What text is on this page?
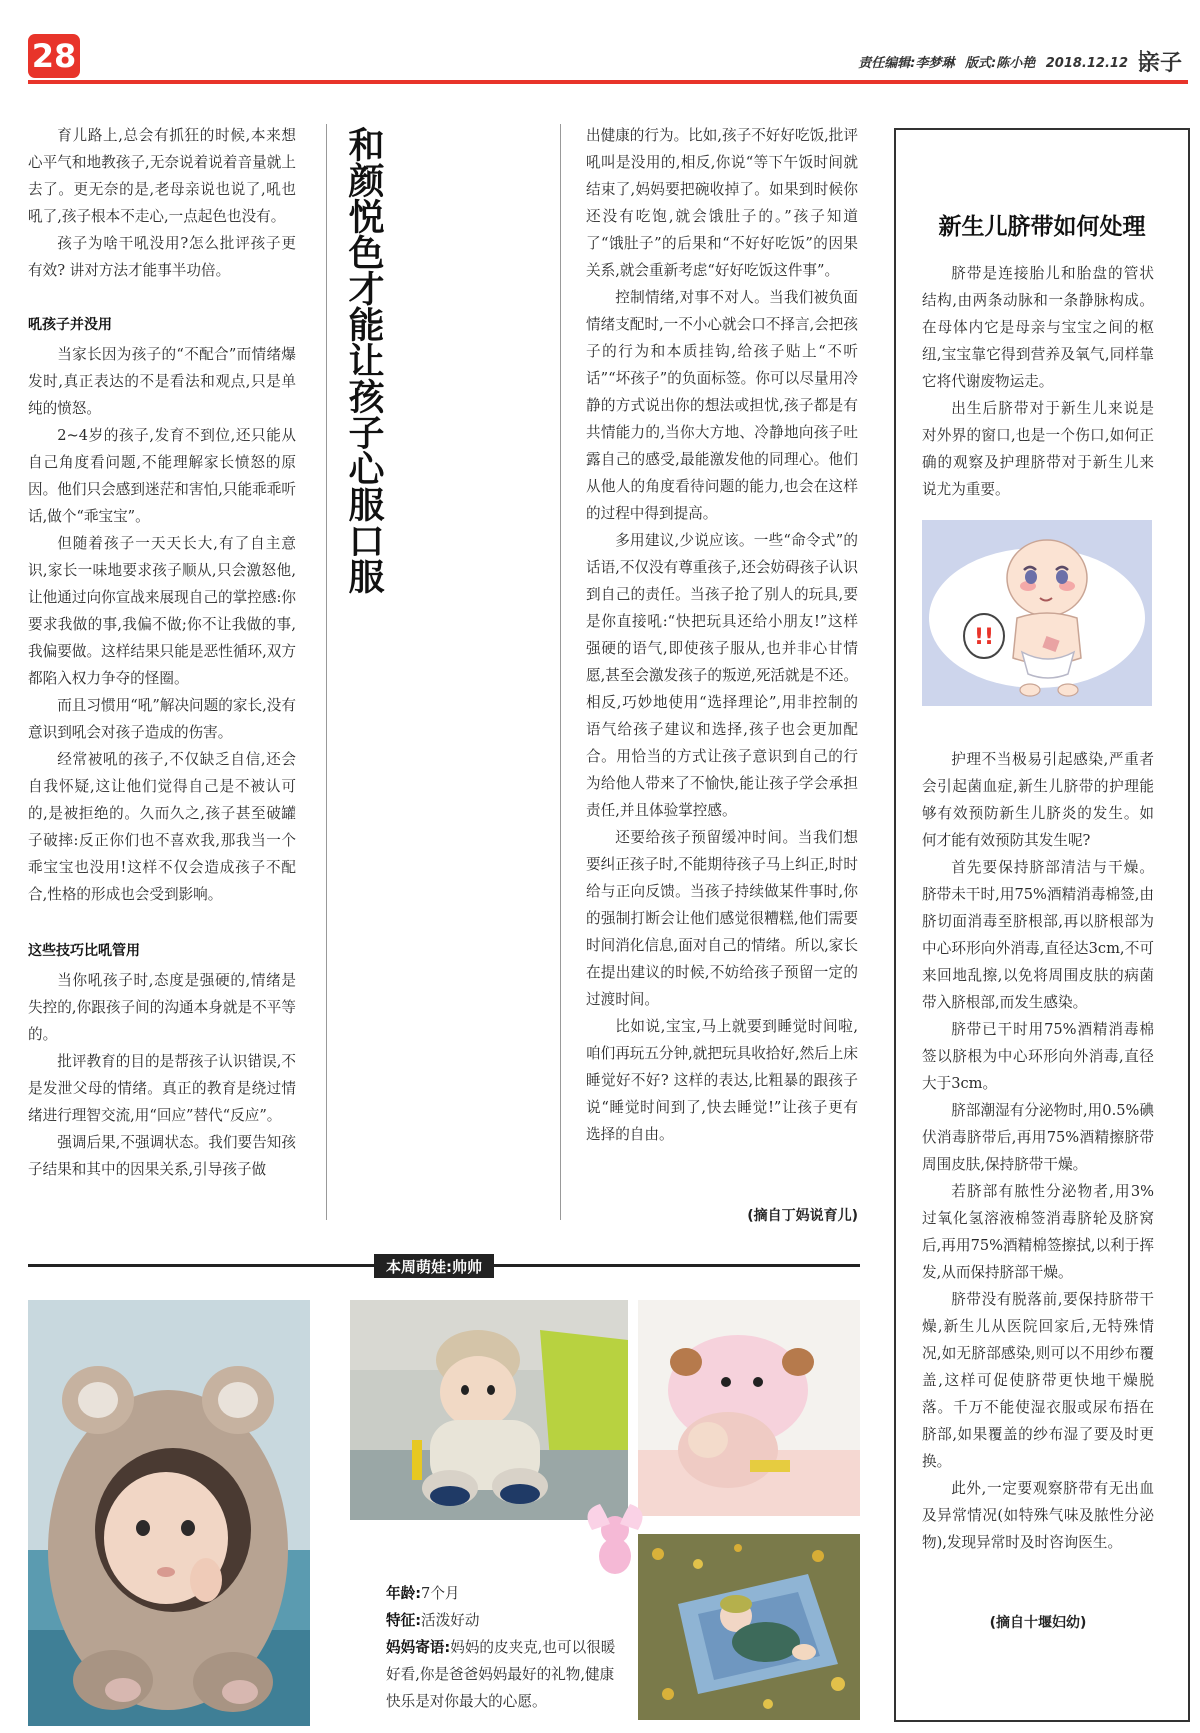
28	责任编辑:李梦琳 版式:陈小艳 2018.12.12 亲子

育儿路上,总会有抓狂的时候,本来想心平气和地教孩子,无奈说着说着音量就上去了。更无奈的是,老母亲说也说了,吼也吼了,孩子根本不走心,一点起色也没有。

孩子为啥干吼没用?怎么批评孩子更有效? 讲对方法才能事半功倍。

吼孩子并没用

当家长因为孩子的“不配合”而情绪爆发时,真正表达的不是看法和观点,只是单纯的愤怒。

2~4岁的孩子,发育不到位,还只能从自己角度看问题,不能理解家长愤怒的原因。他们只会感到迷茫和害怕,只能乖乖听话,做个“乖宝宝”。

但随着孩子一天天长大,有了自主意识,家长一味地要求孩子顺从,只会激怒他,让他通过向你宣战来展现自己的掌控感:你要求我做的事,我偏不做;你不让我做的事,我偏要做。这样结果只能是恶性循环,双方都陷入权力争夺的怪圈。

而且习惯用“吼”解决问题的家长,没有意识到吼会对孩子造成的伤害。

经常被吼的孩子,不仅缺乏自信,还会自我怀疑,这让他们觉得自己是不被认可的,是被拒绝的。久而久之,孩子甚至破罐子破摔:反正你们也不喜欢我,那我当一个乖宝宝也没用!这样不仅会造成孩子不配合,性格的形成也会受到影响。

这些技巧比吼管用

当你吼孩子时,态度是强硬的,情绪是失控的,你跟孩子间的沟通本身就是不平等的。

批评教育的目的是帮孩子认识错误,不是发泄父母的情绪。真正的教育是绕过情绪进行理智交流,用“回应”替代“反应”。

强调后果,不强调状态。我们要告知孩子结果和其中的因果关系,引导孩子做

和颜悦色才能让孩子心服口服	出健康的行为。比如,孩子不好好吃饭,批评吼叫是没用的,相反,你说“等下午饭时间就结束了,妈妈要把碗收掉了。如果到时候你还没有吃饱,就会饿肚子的。”孩子知道了“饿肚子”的后果和“不好好吃饭”的因果关系,就会重新考虑“好好吃饭这件事”。

控制情绪,对事不对人。当我们被负面情绪支配时,一不小心就会口不择言,会把孩子的行为和本质挂钩,给孩子贴上“不听话”“坏孩子”的负面标签。你可以尽量用冷静的方式说出你的想法或担忧,孩子都是有共情能力的,当你大方地、冷静地向孩子吐露自己的感受,最能激发他的同理心。他们从他人的角度看待问题的能力,也会在这样的过程中得到提高。

多用建议,少说应该。一些“命令式”的话语,不仅没有尊重孩子,还会妨碍孩子认识到自己的责任。当孩子抢了别人的玩具,要是你直接吼:“快把玩具还给小朋友!”这样强硬的语气,即使孩子服从,也并非心甘情愿,甚至会激发孩子的叛逆,死活就是不还。相反,巧妙地使用“选择理论”,用非控制的语气给孩子建议和选择,孩子也会更加配合。用恰当的方式让孩子意识到自己的行为给他人带来了不愉快,能让孩子学会承担责任,并且体验掌控感。

还要给孩子预留缓冲时间。当我们想要纠正孩子时,不能期待孩子马上纠正,时时给与正向反馈。当孩子持续做某件事时,你的强制打断会让他们感觉很糟糕,他们需要时间消化信息,面对自己的情绪。所以,家长在提出建议的时候,不妨给孩子预留一定的过渡时间。

比如说,宝宝,马上就要到睡觉时间啦,咱们再玩五分钟,就把玩具收拾好,然后上床睡觉好不好? 这样的表达,比粗暴的跟孩子说“睡觉时间到了,快去睡觉!”让孩子更有选择的自由。

(摘自丁妈说育儿)
新生儿脐带如何处理

脐带是连接胎儿和胎盘的管状结构,由两条动脉和一条静脉构成。在母体内它是母亲与宝宝之间的枢纽,宝宝靠它得到营养及氧气,同样靠它将代谢废物运走。

出生后脐带对于新生儿来说是对外界的窗口,也是一个伤口,如何正确的观察及护理脐带对于新生儿来说尤为重要。

!!

护理不当极易引起感染,严重者会引起菌血症,新生儿脐带的护理能够有效预防新生儿脐炎的发生。如何才能有效预防其发生呢?

首先要保持脐部清洁与干燥。脐带未干时,用75%酒精消毒棉签,由脐切面消毒至脐根部,再以脐根部为中心环形向外消毒,直径达3cm,不可来回地乱擦,以免将周围皮肤的病菌带入脐根部,而发生感染。

脐带已干时用75%酒精消毒棉签以脐根为中心环形向外消毒,直径大于3cm。

脐部潮湿有分泌物时,用0.5%碘伏消毒脐带后,再用75%酒精擦脐带周围皮肤,保持脐带干燥。

若脐部有脓性分泌物者,用3%过氧化氢溶液棉签消毒脐轮及脐窝后,再用75%酒精棉签擦拭,以利于挥发,从而保持脐部干燥。

脐带没有脱落前,要保持脐带干燥,新生儿从医院回家后,无特殊情况,如无脐部感染,则可以不用纱布覆盖,这样可促使脐带更快地干燥脱落。千万不能使湿衣服或尿布捂在脐部,如果覆盖的纱布湿了要及时更换。

此外,一定要观察脐带有无出血及异常情况(如特殊气味及脓性分泌物),发现异常时及时咨询医生。

(摘自十堰妇幼)
本周萌娃:帅帅

年龄:7个月

特征:活泼好动

妈妈寄语:妈妈的皮夹克,也可以很暖好看,你是爸爸妈妈最好的礼物,健康快乐是对你最大的心愿。
